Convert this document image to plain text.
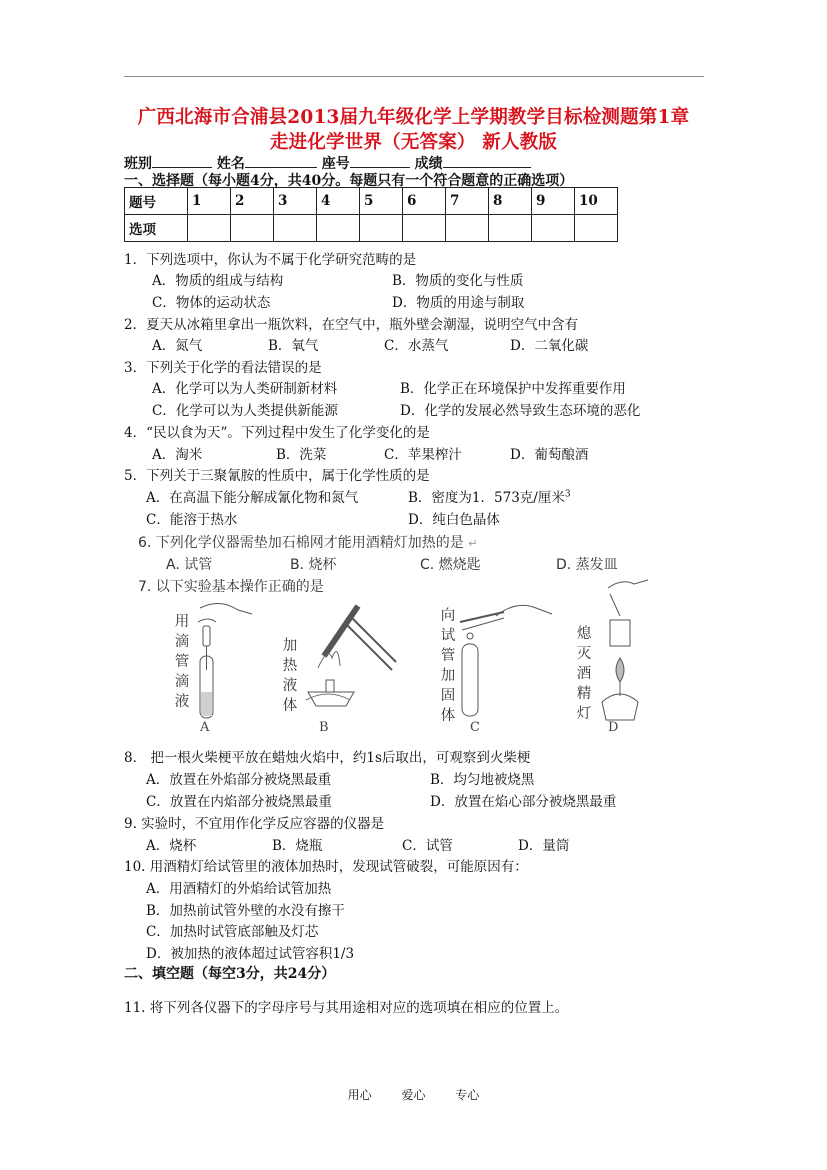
广西北海市合浦县2013届九年级化学上学期教学目标检测题第1章
走进化学世界（无答案） 新人教版
班别	姓名	座号	成绩
一、选择题（每小题4分，共40分。每题只有一个符合题意的正确选项）
题号	1	2	3	4	5	6	7	8	9	10
选项										
1．下列选项中，你认为不属于化学研究范畴的是
A．物质的组成与结构	B．物质的变化与性质
C．物体的运动状态	D．物质的用途与制取
2．夏天从冰箱里拿出一瓶饮料，在空气中，瓶外壁会潮湿，说明空气中含有
A．氮气	B．氧气	C．水蒸气	D．二氧化碳
3．下列关于化学的看法错误的是
A．化学可以为人类研制新材料	B．化学正在环境保护中发挥重要作用
C．化学可以为人类提供新能源	D．化学的发展必然导致生态环境的恶化
4．“民以食为天”。下列过程中发生了化学变化的是
A．淘米	B．洗菜	C．苹果榨汁	D．葡萄酿酒
5．下列关于三聚氰胺的性质中，属于化学性质的是
A．在高温下能分解成氰化物和氮气	B．密度为1．573克/厘米$^3$
C．能溶于热水	D．纯白色晶体
6. 下列化学仪器需垫加石棉网才能用酒精灯加热的是 ↵
A. 试管	B. 烧杯	C. 燃烧匙	D. 蒸发皿
7. 以下实验基本操作正确的是
用滴管滴液
A
加热液体
B
向试管加固体
C
熄灭酒精灯
D
8． 把一根火柴梗平放在蜡烛火焰中，约1s后取出，可观察到火柴梗
A．放置在外焰部分被烧黑最重	B．均匀地被烧黑
C．放置在内焰部分被烧黑最重	D．放置在焰心部分被烧黑最重
9. 实验时，不宜用作化学反应容器的仪器是
A．烧杯	B．烧瓶	C．试管	D．量筒
10. 用酒精灯给试管里的液体加热时，发现试管破裂，可能原因有：
A．用酒精灯的外焰给试管加热
B．加热前试管外壁的水没有擦干
C．加热时试管底部触及灯芯
D．被加热的液体超过试管容积1/3
二、填空题（每空3分，共24分）
11. 将下列各仪器下的字母序号与其用途相对应的选项填在相应的位置上。
用心 爱心 专心
